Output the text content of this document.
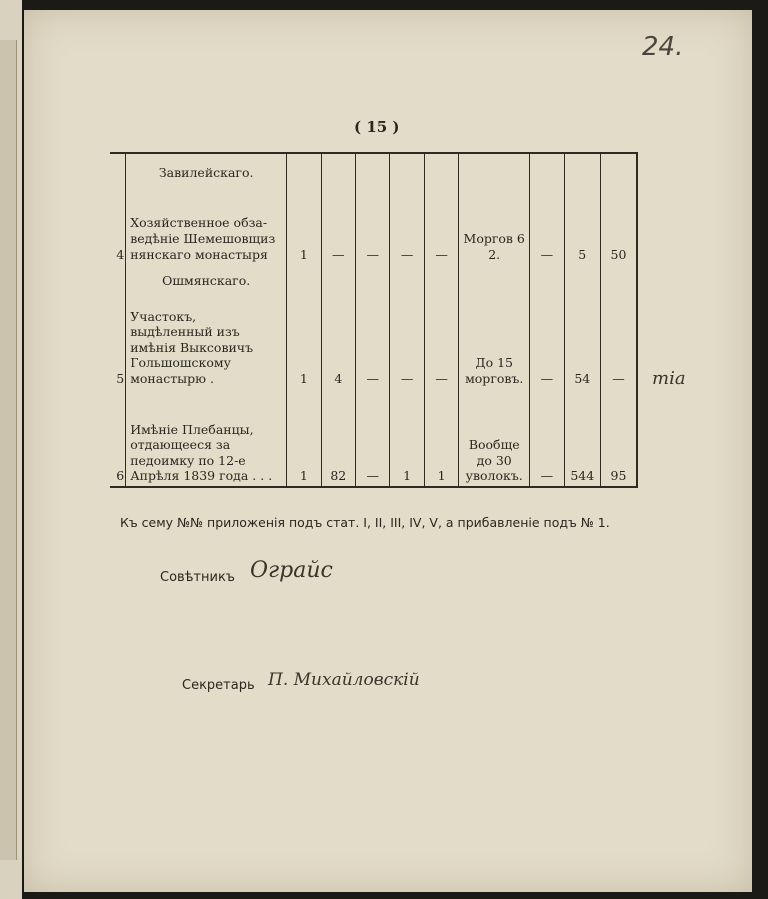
24.
( 15 )
	Завилейскаго.									
4	Хозяйственное обза-ведѣніе Шемешовщиз нянскаго монастыря	1	—	—	—	—	Моргов 6 2.	—	5	50
	Ошмянскаго.									
5	Участокъ, выдѣленный изъ имѣнія Выксовичъ Гольшошскому монастырю .	1	4	—	—	—	До 15 морговъ.	—	54	—
6	Имѣніе Плебанцы, отдающееся за педоимку по 12-е Апрѣля 1839 года . . .	1	82	—	1	1	Вообще до 30 уволокъ.	—	544	95
Къ сему №№ приложенія подъ стат. I, II, III, IV, V, а прибавленіе подъ № 1.
Совѣтникъ Ограйс
Секретарь П. Михайловскій
тіа
